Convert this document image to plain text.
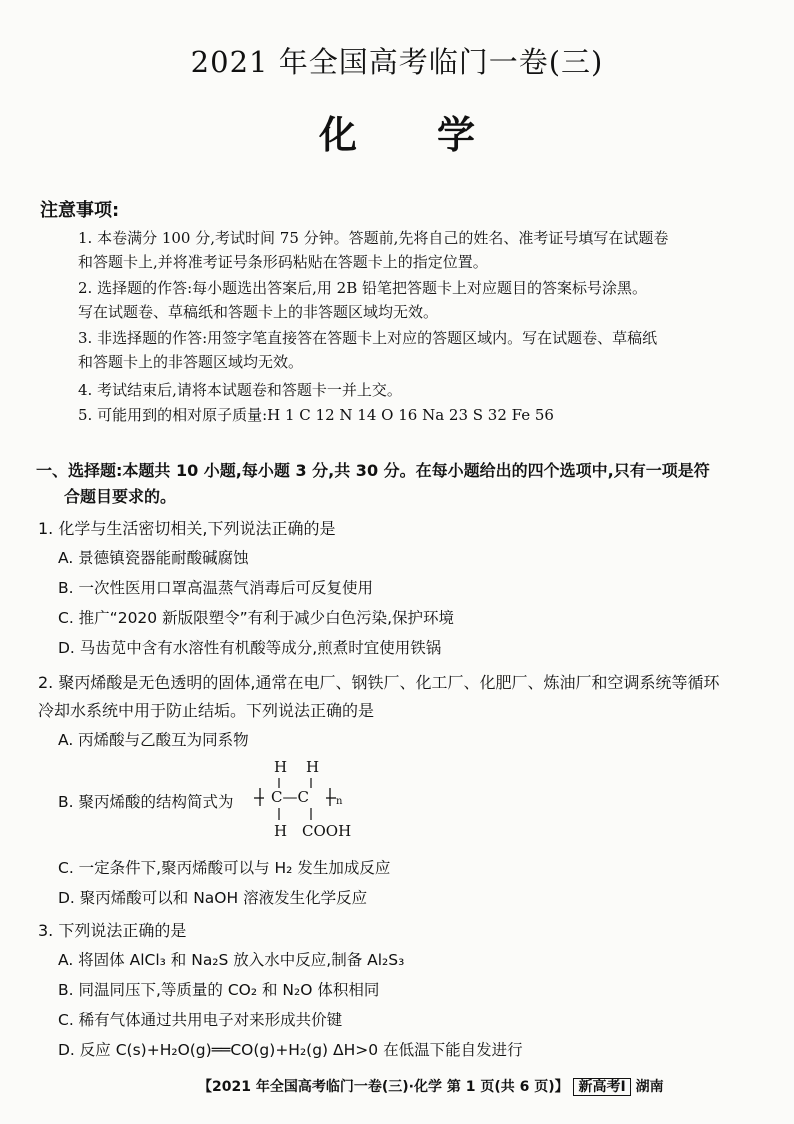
2021 年全国高考临门一卷(三)
化学
注意事项:
1. 本卷满分 100 分,考试时间 75 分钟。答题前,先将自己的姓名、准考证号填写在试题卷
和答题卡上,并将准考证号条形码粘贴在答题卡上的指定位置。
2. 选择题的作答:每小题选出答案后,用 2B 铅笔把答题卡上对应题目的答案标号涂黑。
写在试题卷、草稿纸和答题卡上的非答题区域均无效。
3. 非选择题的作答:用签字笔直接答在答题卡上对应的答题区域内。写在试题卷、草稿纸
和答题卡上的非答题区域均无效。
4. 考试结束后,请将本试题卷和答题卡一并上交。
5. 可能用到的相对原子质量:H 1 C 12 N 14 O 16 Na 23 S 32 Fe 56
一、选择题:本题共 10 小题,每小题 3 分,共 30 分。在每小题给出的四个选项中,只有一项是符
合题目要求的。
1. 化学与生活密切相关,下列说法正确的是
A. 景德镇瓷器能耐酸碱腐蚀
B. 一次性医用口罩高温蒸气消毒后可反复使用
C. 推广“2020 新版限塑令”有利于减少白色污染,保护环境
D. 马齿苋中含有水溶性有机酸等成分,煎煮时宜使用铁锅
2. 聚丙烯酸是无色透明的固体,通常在电厂、钢铁厂、化工厂、化肥厂、炼油厂和空调系统等循环
冷却水系统中用于防止结垢。下列说法正确的是
A. 丙烯酸与乙酸互为同系物
B. 聚丙烯酸的结构简式为
H H
C—C	n
H COOH
C. 一定条件下,聚丙烯酸可以与 H₂ 发生加成反应
D. 聚丙烯酸可以和 NaOH 溶液发生化学反应
3. 下列说法正确的是
A. 将固体 AlCl₃ 和 Na₂S 放入水中反应,制备 Al₂S₃
B. 同温同压下,等质量的 CO₂ 和 N₂O 体积相同
C. 稀有气体通过共用电子对来形成共价键
D. 反应 C(s)+H₂O(g)══CO(g)+H₂(g) ΔH>0 在低温下能自发进行
【2021 年全国高考临门一卷(三)·化学 第 1 页(共 6 页)】 新高考Ⅰ 湖南
